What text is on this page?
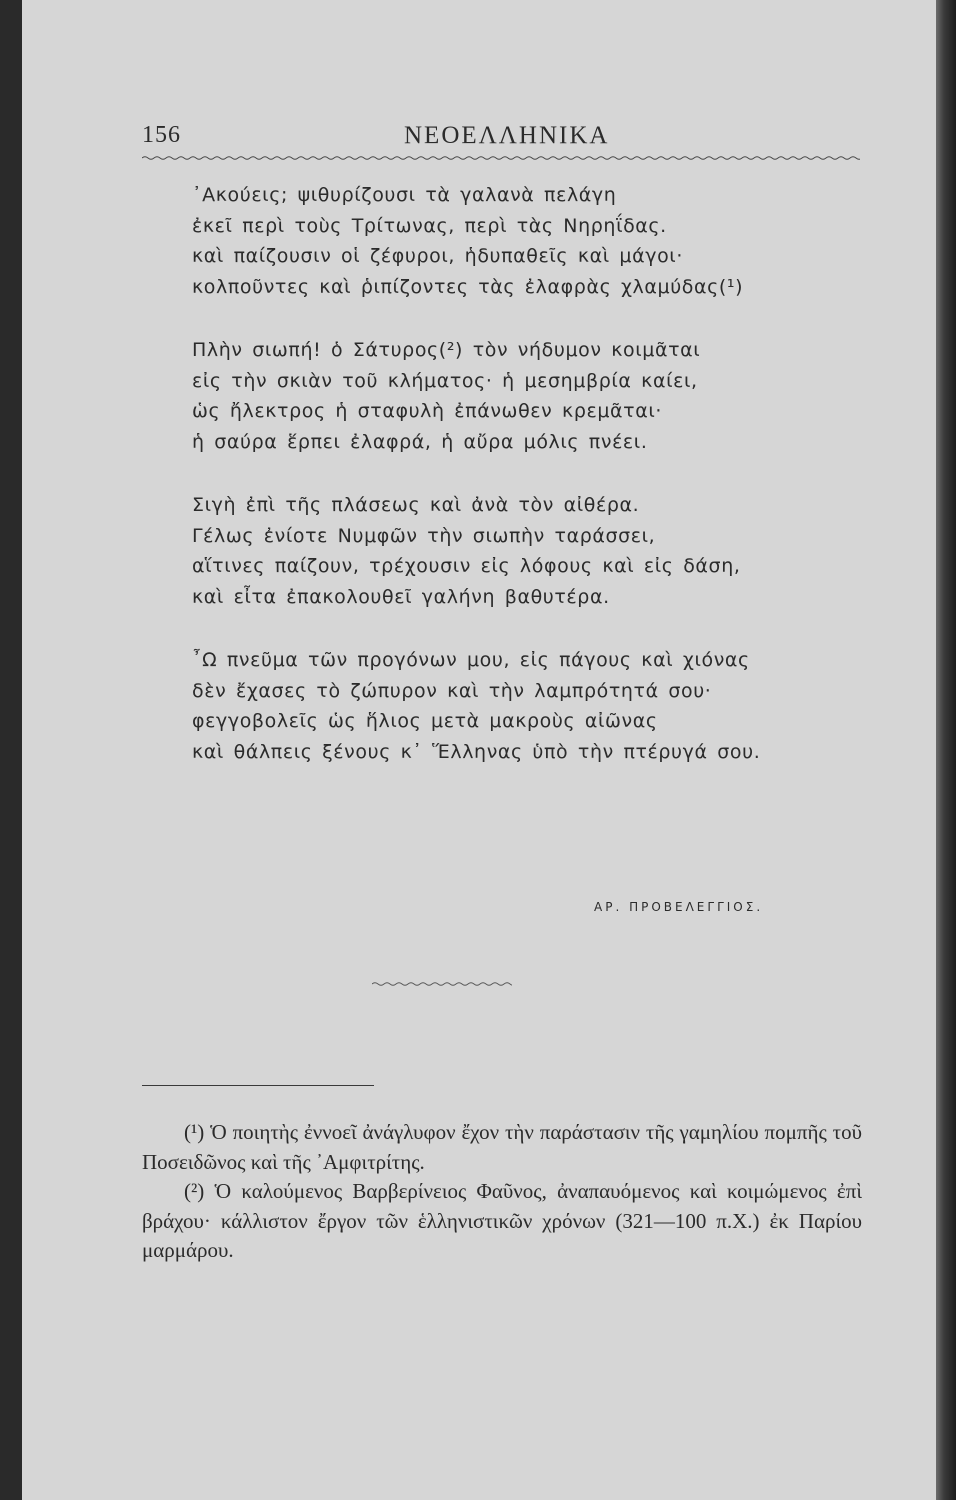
156	ΝΕΟΕΛΛΗΝΙΚΑ
᾿Ακούεις; ψιθυρίζουσι τὰ γαλανὰ πελάγη
ἐκεῖ περὶ τοὺς Τρίτωνας, περὶ τὰς Νηρηΐδας.
καὶ παίζουσιν οἱ ζέφυροι, ἡδυπαθεῖς καὶ μάγοι·
κολποῦντες καὶ ῥιπίζοντες τὰς ἐλαφρὰς χλαμύδας(¹)
Πλὴν σιωπή! ὁ Σάτυρος(²) τὸν νήδυμον κοιμᾶται
εἰς τὴν σκιὰν τοῦ κλήματος· ἡ μεσημβρία καίει,
ὡς ἤλεκτρος ἡ σταφυλὴ ἐπάνωθεν κρεμᾶται·
ἡ σαύρα ἕρπει ἐλαφρά, ἡ αὔρα μόλις πνέει.
Σιγὴ ἐπὶ τῆς πλάσεως καὶ ἀνὰ τὸν αἰθέρα.
Γέλως ἐνίοτε Νυμφῶν τὴν σιωπὴν ταράσσει,
αἵτινες παίζουν, τρέχουσιν εἰς λόφους καὶ εἰς δάση,
καὶ εἶτα ἐπακολουθεῖ γαλήνη βαθυτέρα.
῏Ω πνεῦμα τῶν προγόνων μου, εἰς πάγους καὶ χιόνας
δὲν ἔχασες τὸ ζώπυρον καὶ τὴν λαμπρότητά σου·
φεγγοβολεῖς ὡς ἥλιος μετὰ μακροὺς αἰῶνας
καὶ θάλπεις ξένους κ᾿ Ἕλληνας ὑπὸ τὴν πτέρυγά σου.
ΑΡ. ΠΡΟΒΕΛΕΓΓΙΟΣ.

(¹) Ὁ ποιητὴς ἐννοεῖ ἀνάγλυφον ἔχον τὴν παράστασιν τῆς γαμηλίου πομπῆς τοῦ Ποσειδῶνος καὶ τῆς ᾿Αμφιτρίτης.

(²) Ὁ καλούμενος Βαρβερίνειος Φαῦνος, ἀναπαυόμενος καὶ κοιμώμενος ἐπὶ βράχου· κάλλιστον ἔργον τῶν ἑλληνιστικῶν χρόνων (321—100 π.Χ.) ἐκ Παρίου μαρμάρου.
